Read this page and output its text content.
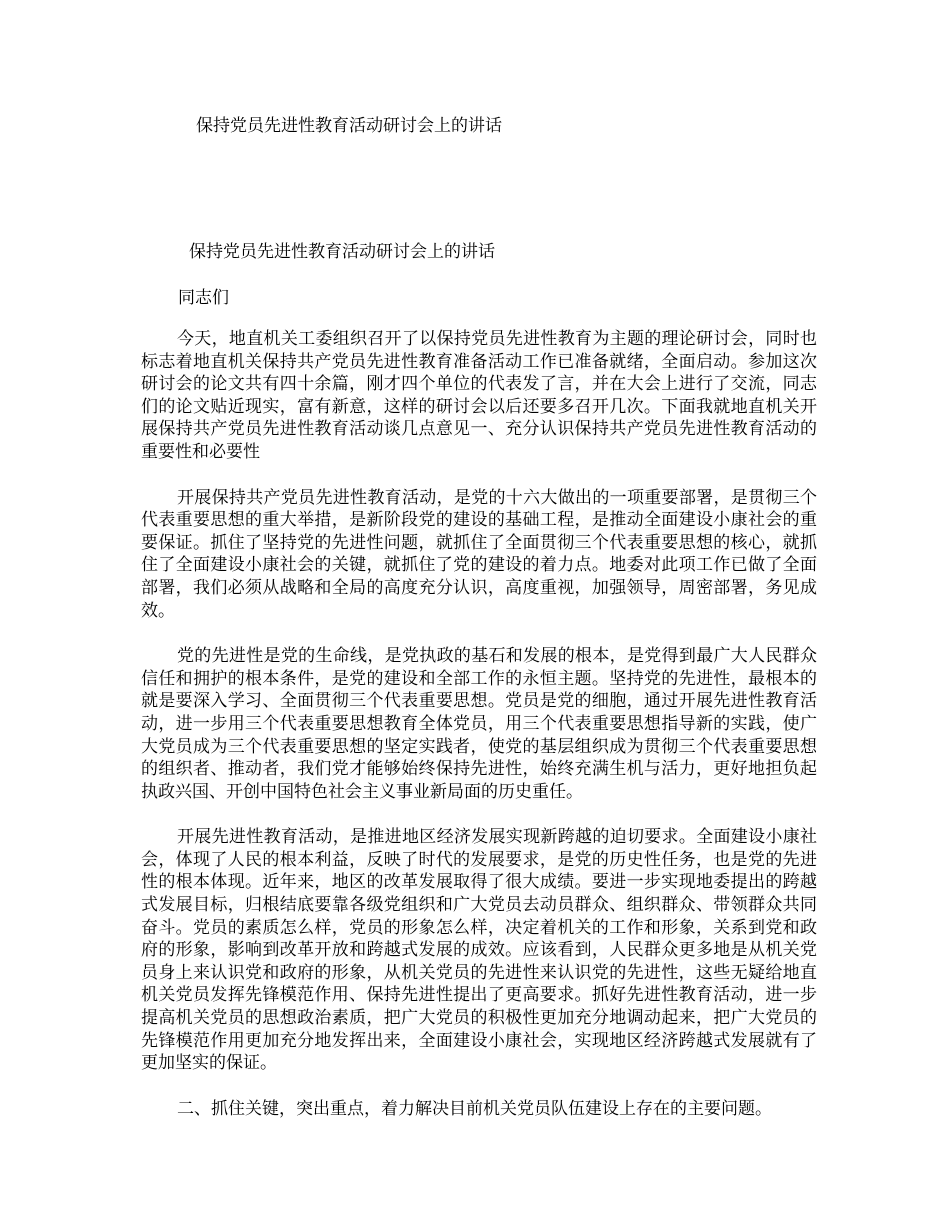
保持党员先进性教育活动研讨会上的讲话
保持党员先进性教育活动研讨会上的讲话
同志们

今天，地直机关工委组织召开了以保持党员先进性教育为主题的理论研讨会，同时也标志着地直机关保持共产党员先进性教育准备活动工作已准备就绪，全面启动。参加这次研讨会的论文共有四十余篇，刚才四个单位的代表发了言，并在大会上进行了交流，同志们的论文贴近现实，富有新意，这样的研讨会以后还要多召开几次。下面我就地直机关开展保持共产党员先进性教育活动谈几点意见一、充分认识保持共产党员先进性教育活动的重要性和必要性

开展保持共产党员先进性教育活动，是党的十六大做出的一项重要部署，是贯彻三个代表重要思想的重大举措，是新阶段党的建设的基础工程，是推动全面建设小康社会的重要保证。抓住了坚持党的先进性问题，就抓住了全面贯彻三个代表重要思想的核心，就抓住了全面建设小康社会的关键，就抓住了党的建设的着力点。地委对此项工作已做了全面部署，我们必须从战略和全局的高度充分认识，高度重视，加强领导，周密部署，务见成效。

党的先进性是党的生命线，是党执政的基石和发展的根本，是党得到最广大人民群众信任和拥护的根本条件，是党的建设和全部工作的永恒主题。坚持党的先进性，最根本的就是要深入学习、全面贯彻三个代表重要思想。党员是党的细胞，通过开展先进性教育活动，进一步用三个代表重要思想教育全体党员，用三个代表重要思想指导新的实践，使广大党员成为三个代表重要思想的坚定实践者，使党的基层组织成为贯彻三个代表重要思想的组织者、推动者，我们党才能够始终保持先进性，始终充满生机与活力，更好地担负起执政兴国、开创中国特色社会主义事业新局面的历史重任。

开展先进性教育活动，是推进地区经济发展实现新跨越的迫切要求。全面建设小康社会，体现了人民的根本利益，反映了时代的发展要求，是党的历史性任务，也是党的先进性的根本体现。近年来，地区的改革发展取得了很大成绩。要进一步实现地委提出的跨越式发展目标，归根结底要靠各级党组织和广大党员去动员群众、组织群众、带领群众共同奋斗。党员的素质怎么样，党员的形象怎么样，决定着机关的工作和形象，关系到党和政府的形象，影响到改革开放和跨越式发展的成效。应该看到，人民群众更多地是从机关党员身上来认识党和政府的形象，从机关党员的先进性来认识党的先进性，这些无疑给地直机关党员发挥先锋模范作用、保持先进性提出了更高要求。抓好先进性教育活动，进一步提高机关党员的思想政治素质，把广大党员的积极性更加充分地调动起来，把广大党员的先锋模范作用更加充分地发挥出来，全面建设小康社会，实现地区经济跨越式发展就有了更加坚实的保证。

二、抓住关键，突出重点，着力解决目前机关党员队伍建设上存在的主要问题。
